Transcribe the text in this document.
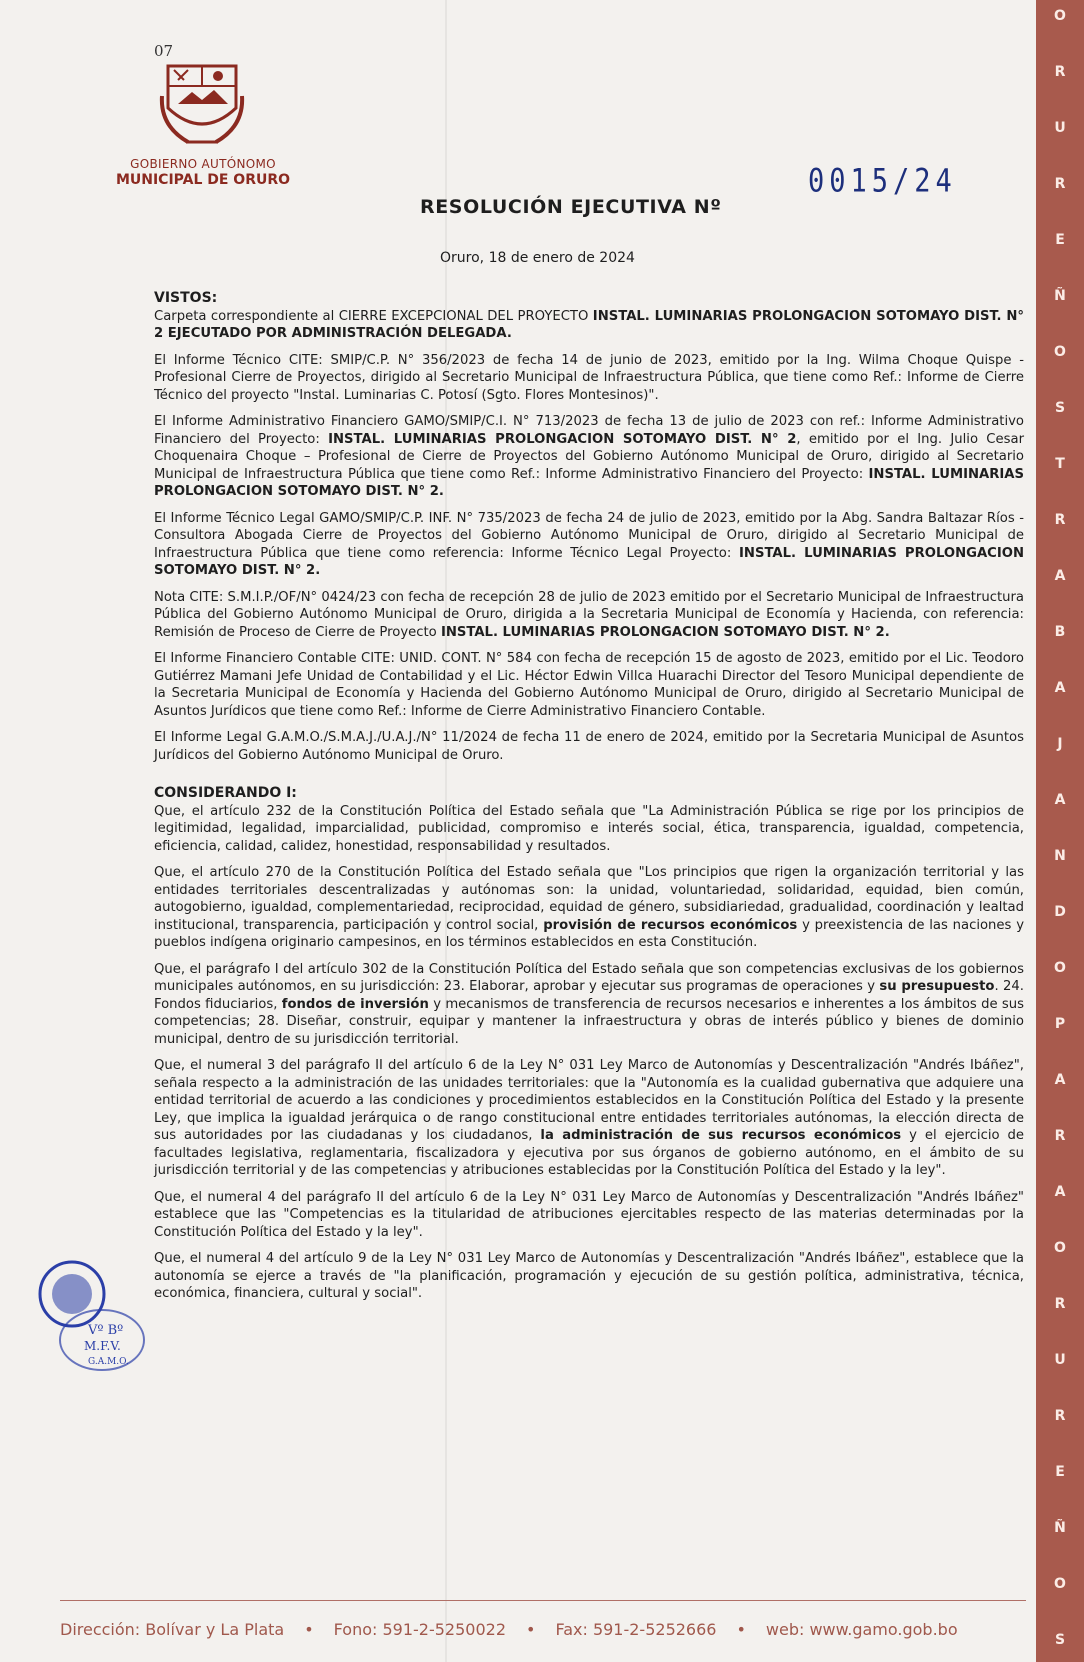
07
GOBIERNO AUTÓNOMO
MUNICIPAL DE ORURO	0015/24
RESOLUCIÓN EJECUTIVA Nº
Oruro, 18 de enero de 2024
VISTOS:

Carpeta correspondiente al CIERRE EXCEPCIONAL DEL PROYECTO INSTAL. LUMINARIAS PROLONGACION SOTOMAYO DIST. N° 2 EJECUTADO POR ADMINISTRACIÓN DELEGADA.

El Informe Técnico CITE: SMIP/C.P. N° 356/2023 de fecha 14 de junio de 2023, emitido por la Ing. Wilma Choque Quispe - Profesional Cierre de Proyectos, dirigido al Secretario Municipal de Infraestructura Pública, que tiene como Ref.: Informe de Cierre Técnico del proyecto "Instal. Luminarias C. Potosí (Sgto. Flores Montesinos)".

El Informe Administrativo Financiero GAMO/SMIP/C.I. N° 713/2023 de fecha 13 de julio de 2023 con ref.: Informe Administrativo Financiero del Proyecto: INSTAL. LUMINARIAS PROLONGACION SOTOMAYO DIST. N° 2, emitido por el Ing. Julio Cesar Choquenaira Choque – Profesional de Cierre de Proyectos del Gobierno Autónomo Municipal de Oruro, dirigido al Secretario Municipal de Infraestructura Pública que tiene como Ref.: Informe Administrativo Financiero del Proyecto: INSTAL. LUMINARIAS PROLONGACION SOTOMAYO DIST. N° 2.

El Informe Técnico Legal GAMO/SMIP/C.P. INF. N° 735/2023 de fecha 24 de julio de 2023, emitido por la Abg. Sandra Baltazar Ríos - Consultora Abogada Cierre de Proyectos del Gobierno Autónomo Municipal de Oruro, dirigido al Secretario Municipal de Infraestructura Pública que tiene como referencia: Informe Técnico Legal Proyecto: INSTAL. LUMINARIAS PROLONGACION SOTOMAYO DIST. N° 2.

Nota CITE: S.M.I.P./OF/N° 0424/23 con fecha de recepción 28 de julio de 2023 emitido por el Secretario Municipal de Infraestructura Pública del Gobierno Autónomo Municipal de Oruro, dirigida a la Secretaria Municipal de Economía y Hacienda, con referencia: Remisión de Proceso de Cierre de Proyecto INSTAL. LUMINARIAS PROLONGACION SOTOMAYO DIST. N° 2.

El Informe Financiero Contable CITE: UNID. CONT. N° 584 con fecha de recepción 15 de agosto de 2023, emitido por el Lic. Teodoro Gutiérrez Mamani Jefe Unidad de Contabilidad y el Lic. Héctor Edwin Villca Huarachi Director del Tesoro Municipal dependiente de la Secretaria Municipal de Economía y Hacienda del Gobierno Autónomo Municipal de Oruro, dirigido al Secretario Municipal de Asuntos Jurídicos que tiene como Ref.: Informe de Cierre Administrativo Financiero Contable.

El Informe Legal G.A.M.O./S.M.A.J./U.A.J./N° 11/2024 de fecha 11 de enero de 2024, emitido por la Secretaria Municipal de Asuntos Jurídicos del Gobierno Autónomo Municipal de Oruro.

CONSIDERANDO I:

Que, el artículo 232 de la Constitución Política del Estado señala que "La Administración Pública se rige por los principios de legitimidad, legalidad, imparcialidad, publicidad, compromiso e interés social, ética, transparencia, igualdad, competencia, eficiencia, calidad, calidez, honestidad, responsabilidad y resultados.

Que, el artículo 270 de la Constitución Política del Estado señala que "Los principios que rigen la organización territorial y las entidades territoriales descentralizadas y autónomas son: la unidad, voluntariedad, solidaridad, equidad, bien común, autogobierno, igualdad, complementariedad, reciprocidad, equidad de género, subsidiariedad, gradualidad, coordinación y lealtad institucional, transparencia, participación y control social, provisión de recursos económicos y preexistencia de las naciones y pueblos indígena originario campesinos, en los términos establecidos en esta Constitución.

Que, el parágrafo I del artículo 302 de la Constitución Política del Estado señala que son competencias exclusivas de los gobiernos municipales autónomos, en su jurisdicción: 23. Elaborar, aprobar y ejecutar sus programas de operaciones y su presupuesto. 24. Fondos fiduciarios, fondos de inversión y mecanismos de transferencia de recursos necesarios e inherentes a los ámbitos de sus competencias; 28. Diseñar, construir, equipar y mantener la infraestructura y obras de interés público y bienes de dominio municipal, dentro de su jurisdicción territorial.

Que, el numeral 3 del parágrafo II del artículo 6 de la Ley N° 031 Ley Marco de Autonomías y Descentralización "Andrés Ibáñez", señala respecto a la administración de las unidades territoriales: que la "Autonomía es la cualidad gubernativa que adquiere una entidad territorial de acuerdo a las condiciones y procedimientos establecidos en la Constitución Política del Estado y la presente Ley, que implica la igualdad jerárquica o de rango constitucional entre entidades territoriales autónomas, la elección directa de sus autoridades por las ciudadanas y los ciudadanos, la administración de sus recursos económicos y el ejercicio de facultades legislativa, reglamentaria, fiscalizadora y ejecutiva por sus órganos de gobierno autónomo, en el ámbito de su jurisdicción territorial y de las competencias y atribuciones establecidas por la Constitución Política del Estado y la ley".

Que, el numeral 4 del parágrafo II del artículo 6 de la Ley N° 031 Ley Marco de Autonomías y Descentralización "Andrés Ibáñez" establece que las "Competencias es la titularidad de atribuciones ejercitables respecto de las materias determinadas por la Constitución Política del Estado y la ley".

Que, el numeral 4 del artículo 9 de la Ley N° 031 Ley Marco de Autonomías y Descentralización "Andrés Ibáñez", establece que la autonomía se ejerce a través de "la planificación, programación y ejecución de su gestión política, administrativa, técnica, económica, financiera, cultural y social".

Vº Bº
M.F.V.
G.A.M.O.
O
R
U
R
E
Ñ
O
S
T
R
A
B
A
J
A
N
D
O
P
A
R
A
O
R
U
R
E
Ñ
O
S
Dirección: Bolívar y La Plata • Fono: 591-2-5250022 • Fax: 591-2-5252666 • web: www.gamo.gob.bo
